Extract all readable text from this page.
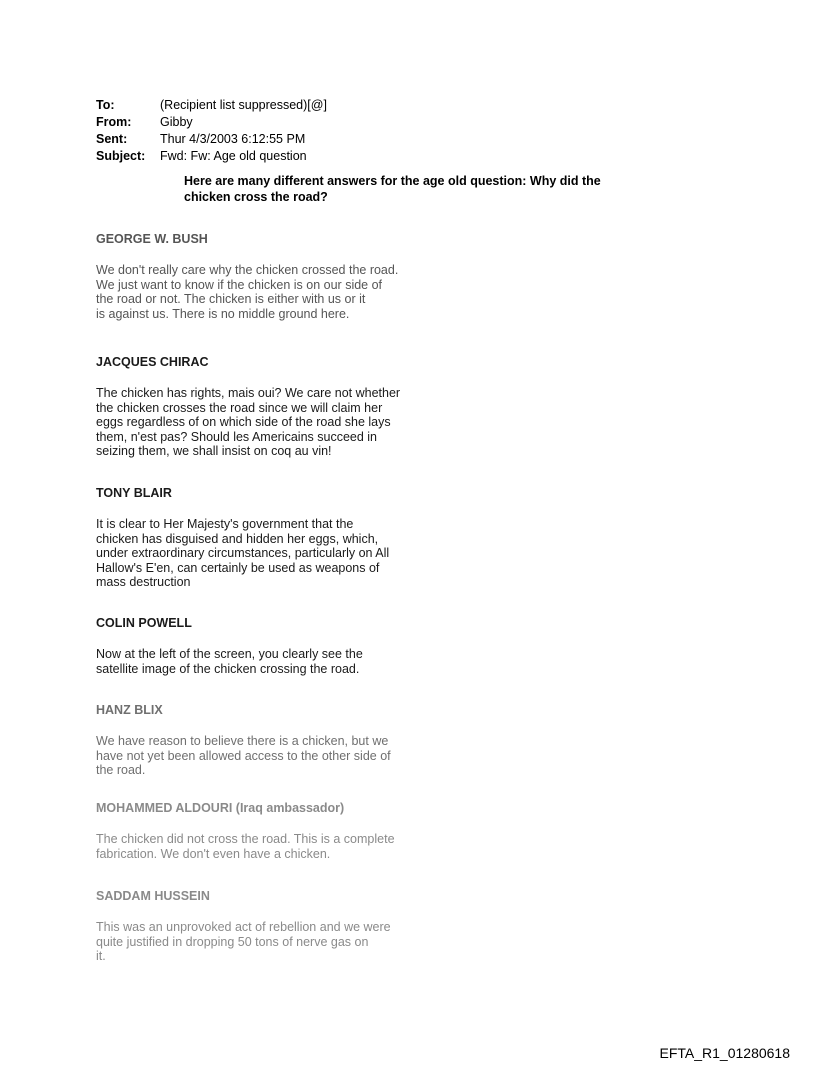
To:	(Recipient list suppressed)[@]
From:	Gibby
Sent:	Thur 4/3/2003 6:12:55 PM
Subject:	Fwd: Fw: Age old question
Here are many different answers for the age old question: Why did the chicken cross the road?
GEORGE W. BUSH
We don't really care why the chicken crossed the road.
We just want to know if the chicken is on our side of
the road or not. The chicken is either with us or it
is against us. There is no middle ground here.
JACQUES CHIRAC
The chicken has rights, mais oui? We care not whether
the chicken crosses the road since we will claim her
eggs regardless of on which side of the road she lays
them, n'est pas? Should les Americains succeed in
seizing them, we shall insist on coq au vin!
TONY BLAIR
It is clear to Her Majesty's government that the
chicken has disguised and hidden her eggs, which,
under extraordinary circumstances, particularly on All
Hallow's E'en, can certainly be used as weapons of
mass destruction
COLIN POWELL
Now at the left of the screen, you clearly see the
satellite image of the chicken crossing the road.
HANZ BLIX
We have reason to believe there is a chicken, but we
have not yet been allowed access to the other side of
the road.
MOHAMMED ALDOURI (Iraq ambassador)
The chicken did not cross the road. This is a complete
fabrication. We don't even have a chicken.
SADDAM HUSSEIN
This was an unprovoked act of rebellion and we were
quite justified in dropping 50 tons of nerve gas on
it.
EFTA_R1_01280618
